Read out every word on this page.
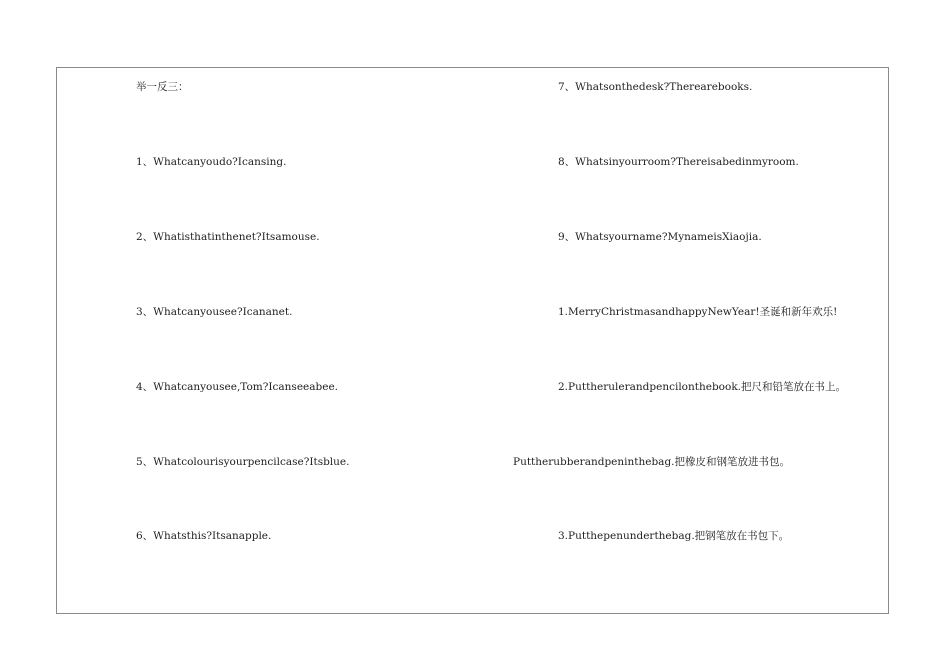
举一反三：
1、Whatcanyoudo?Icansing.
2、Whatisthatinthenet?Itsamouse.
3、Whatcanyousee?Icananet.
4、Whatcanyousee,Tom?Icanseeabee.
5、Whatcolourisyourpencilcase?Itsblue.
6、Whatsthis?Itsanapple.
7、Whatsonthedesk?Therearebooks.
8、Whatsinyourroom?Thereisabedinmyroom.
9、Whatsyourname?MynameisXiaojia.
1.MerryChristmasandhappyNewYear!圣诞和新年欢乐!
2.Puttherulerandpencilonthebook.把尺和铅笔放在书上。
Puttherubberandpeninthebag.把橡皮和钢笔放进书包。
3.Putthepenunderthebag.把钢笔放在书包下。
